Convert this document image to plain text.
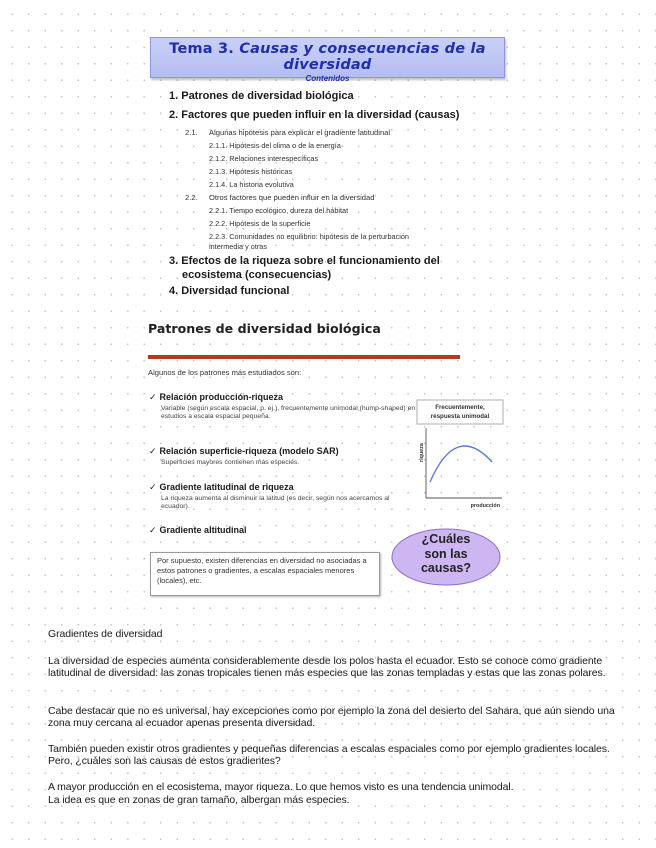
Tema 3. Causas y consecuencias de la diversidad
Contenidos
1. Patrones de diversidad biológica
2. Factores que pueden influir en la diversidad (causas)
2.1. Algunas hipótesis para explicar el gradiente latitudinal
2.1.1. Hipótesis del clima o de la energía
2.1.2. Relaciones interespecíficas
2.1.3. Hipótesis históricas
2.1.4. La historia evolutiva
2.2. Otros factores que pueden influir en la diversidad
2.2.1. Tiempo ecológico, dureza del hábitat
2.2.2. Hipótesis de la superficie
2.2.3. Comunidades no equilibrio: hipótesis de la perturbación
intermedia y otras
3. Efectos de la riqueza sobre el funcionamiento del
ecosistema (consecuencias)
4. Diversidad funcional
Patrones de diversidad biológica
Algunos de los patrones más estudiados son:
✓ Relación producción-riqueza
Variable (según escala espacial, p. ej.), frecuentemente unimodal (hump-shaped) en estudios a escala espacial pequeña.
✓ Relación superficie-riqueza (modelo SAR)
Superficies mayores contienen más especies.
✓ Gradiente latitudinal de riqueza
La riqueza aumenta al disminuir la latitud (es decir, según nos acercamos al ecuador).
✓ Gradiente altitudinal
Frecuentemente,
respuesta unimodal
riqueza
producción
¿Cuáles
son las
causas?
Por supuesto, existen diferencias en diversidad no asociadas a estos patrones o gradientes, a escalas espaciales menores (locales), etc.
Gradientes de diversidad
La diversidad de especies aumenta considerablemente desde los polos hasta el ecuador. Esto se conoce como gradiente latitudinal de diversidad: las zonas tropicales tienen más especies que las zonas templadas y estas que las zonas polares.
Cabe destacar que no es universal, hay excepciones como por ejemplo la zona del desierto del Sahara, que aún siendo una zona muy cercana al ecuador apenas presenta diversidad.
También pueden existir otros gradientes y pequeñas diferencias a escalas espaciales como por ejemplo gradientes locales. Pero, ¿cuáles son las causas de estos gradientes?
A mayor producción en el ecosistema, mayor riqueza. Lo que hemos visto es una tendencia unimodal.
La idea es que en zonas de gran tamaño, albergan más especies.
